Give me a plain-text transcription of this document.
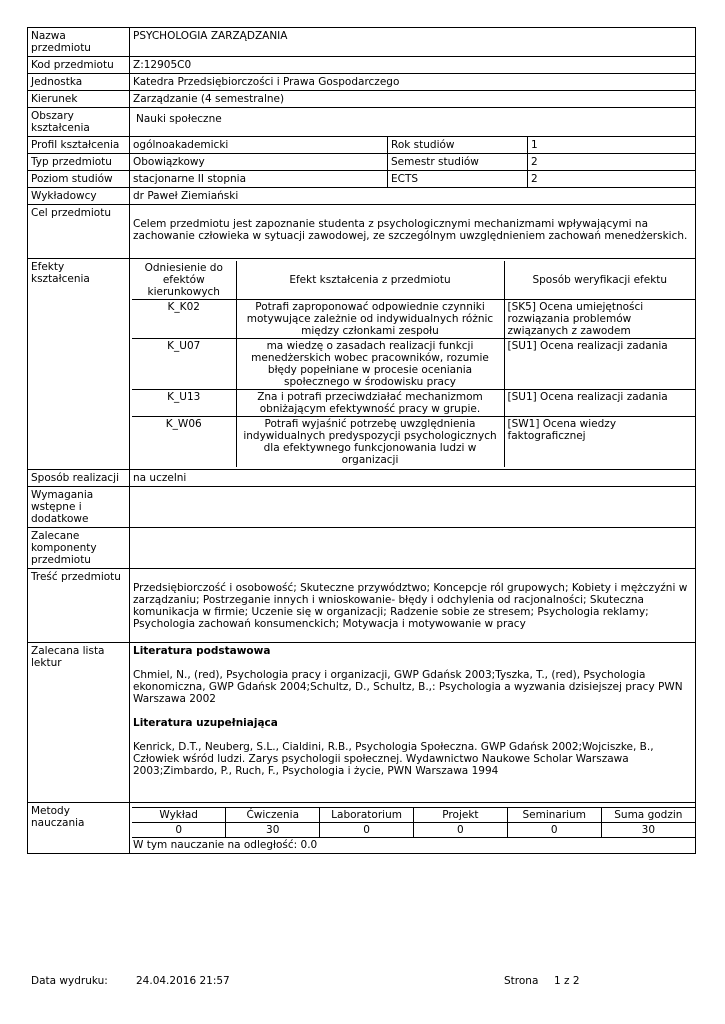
Nazwa przedmiotu	PSYCHOLOGIA ZARZĄDZANIA
Kod przedmiotu	Z:12905C0
Jednostka	Katedra Przedsiębiorczości i Prawa Gospodarczego
Kierunek	Zarządzanie (4 semestralne)
Obszary kształcenia	Nauki społeczne
Profil kształcenia	ogólnoakademicki	Rok studiów	1
Typ przedmiotu	Obowiązkowy	Semestr studiów	2
Poziom studiów	stacjonarne II stopnia	ECTS	2
Wykładowcy	dr Paweł Ziemiański
Cel przedmiotu	

Celem przedmiotu jest zapoznanie studenta z psychologicznymi mechanizmami wpływającymi na zachowanie człowieka w sytuacji zawodowej, ze szczególnym uwzględnieniem zachowań menedżerskich.

Efekty kształcenia	
Odniesienie do efektów kierunkowych	Efekt kształcenia z przedmiotu	Sposób weryfikacji efektu
K_K02	Potrafi zaproponować odpowiednie czynniki motywujące zależnie od indywidualnych różnic między członkami zespołu	[SK5] Ocena umiejętności rozwiązania problemów związanych z zawodem
K_U07	ma wiedzę o zasadach realizacji funkcji menedżerskich wobec pracowników, rozumie błędy popełniane w procesie oceniania społecznego w środowisku pracy	[SU1] Ocena realizacji zadania
K_U13	Zna i potrafi przeciwdziałać mechanizmom obniżającym efektywność pracy w grupie.	[SU1] Ocena realizacji zadania
K_W06	Potrafi wyjaśnić potrzebę uwzględnienia indywidualnych predyspozycji psychologicznych dla efektywnego funkcjonowania ludzi w organizacji	[SW1] Ocena wiedzy faktograficznej

Sposób realizacji	na uczelni
Wymagania wstępne i dodatkowe	
Zalecane komponenty przedmiotu	
Treść przedmiotu	

Przedsiębiorczość i osobowość; Skuteczne przywództwo; Koncepcje ról grupowych; Kobiety i mężczyźni w zarządzaniu; Postrzeganie innych i wnioskowanie- błędy i odchylenia od racjonalności; Skuteczna komunikacja w firmie; Uczenie się w organizacji; Radzenie sobie ze stresem; Psychologia reklamy; Psychologia zachowań konsumenckich; Motywacja i motywowanie w pracy

Zalecana lista lektur	

Literatura podstawowa

Chmiel, N., (red), Psychologia pracy i organizacji, GWP Gdańsk 2003;Tyszka, T., (red), Psychologia ekonomiczna, GWP Gdańsk 2004;Schultz, D., Schultz, B.,: Psychologia a wyzwania dzisiejszej pracy PWN Warszawa 2002

Literatura uzupełniająca

Kenrick, D.T., Neuberg, S.L., Cialdini, R.B., Psychologia Społeczna. GWP Gdańsk 2002;Wojciszke, B., Człowiek wśród ludzi. Zarys psychologii społecznej. Wydawnictwo Naukowe Scholar Warszawa 2003;Zimbardo, P., Ruch, F., Psychologia i życie, PWN Warszawa 1994

Metody nauczania	
Wykład	Ćwiczenia	Laboratorium	Projekt	Seminarium	Suma godzin
0	30	0	0	0	30
W tym nauczanie na odległość: 0.0
Data wydruku:	24.04.2016 21:57	Strona 1 z 2
